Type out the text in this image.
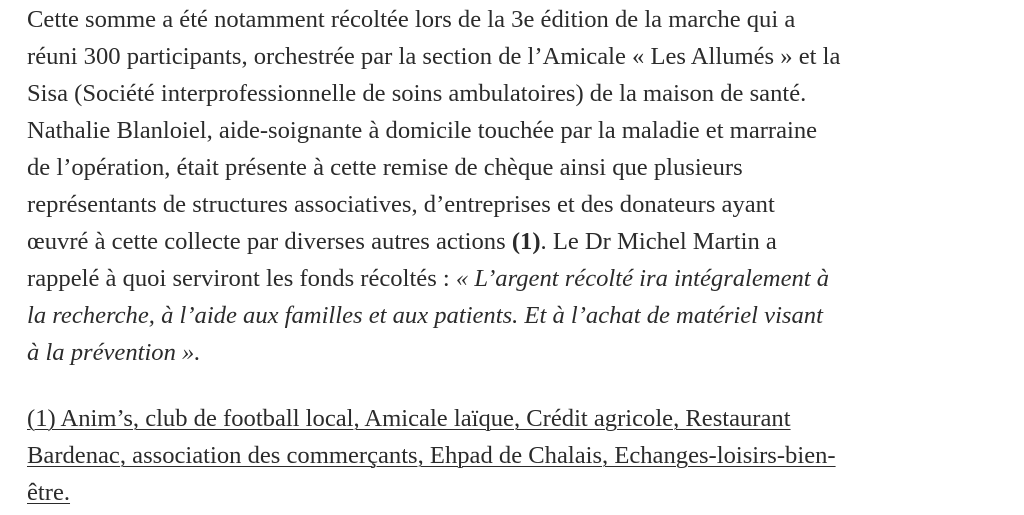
Cette somme a été notamment récoltée lors de la 3e édition de la marche qui a
réuni 300 participants, orchestrée par la section de l’Amicale « Les Allumés » et la
Sisa (Société interprofessionnelle de soins ambulatoires) de la maison de santé.
Nathalie Blanloiel, aide-soignante à domicile touchée par la maladie et marraine
de l’opération, était présente à cette remise de chèque ainsi que plusieurs
représentants de structures associatives, d’entreprises et des donateurs ayant
œuvré à cette collecte par diverses autres actions (1). Le Dr Michel Martin a
rappelé à quoi serviront les fonds récoltés : « L’argent récolté ira intégralement à
la recherche, à l’aide aux familles et aux patients. Et à l’achat de matériel visant
à la prévention ».

(1) Anim’s, club de football local, Amicale laïque, Crédit agricole, Restaurant
Bardenac, association des commerçants, Ehpad de Chalais, Echanges-loisirs-bien-
être.
